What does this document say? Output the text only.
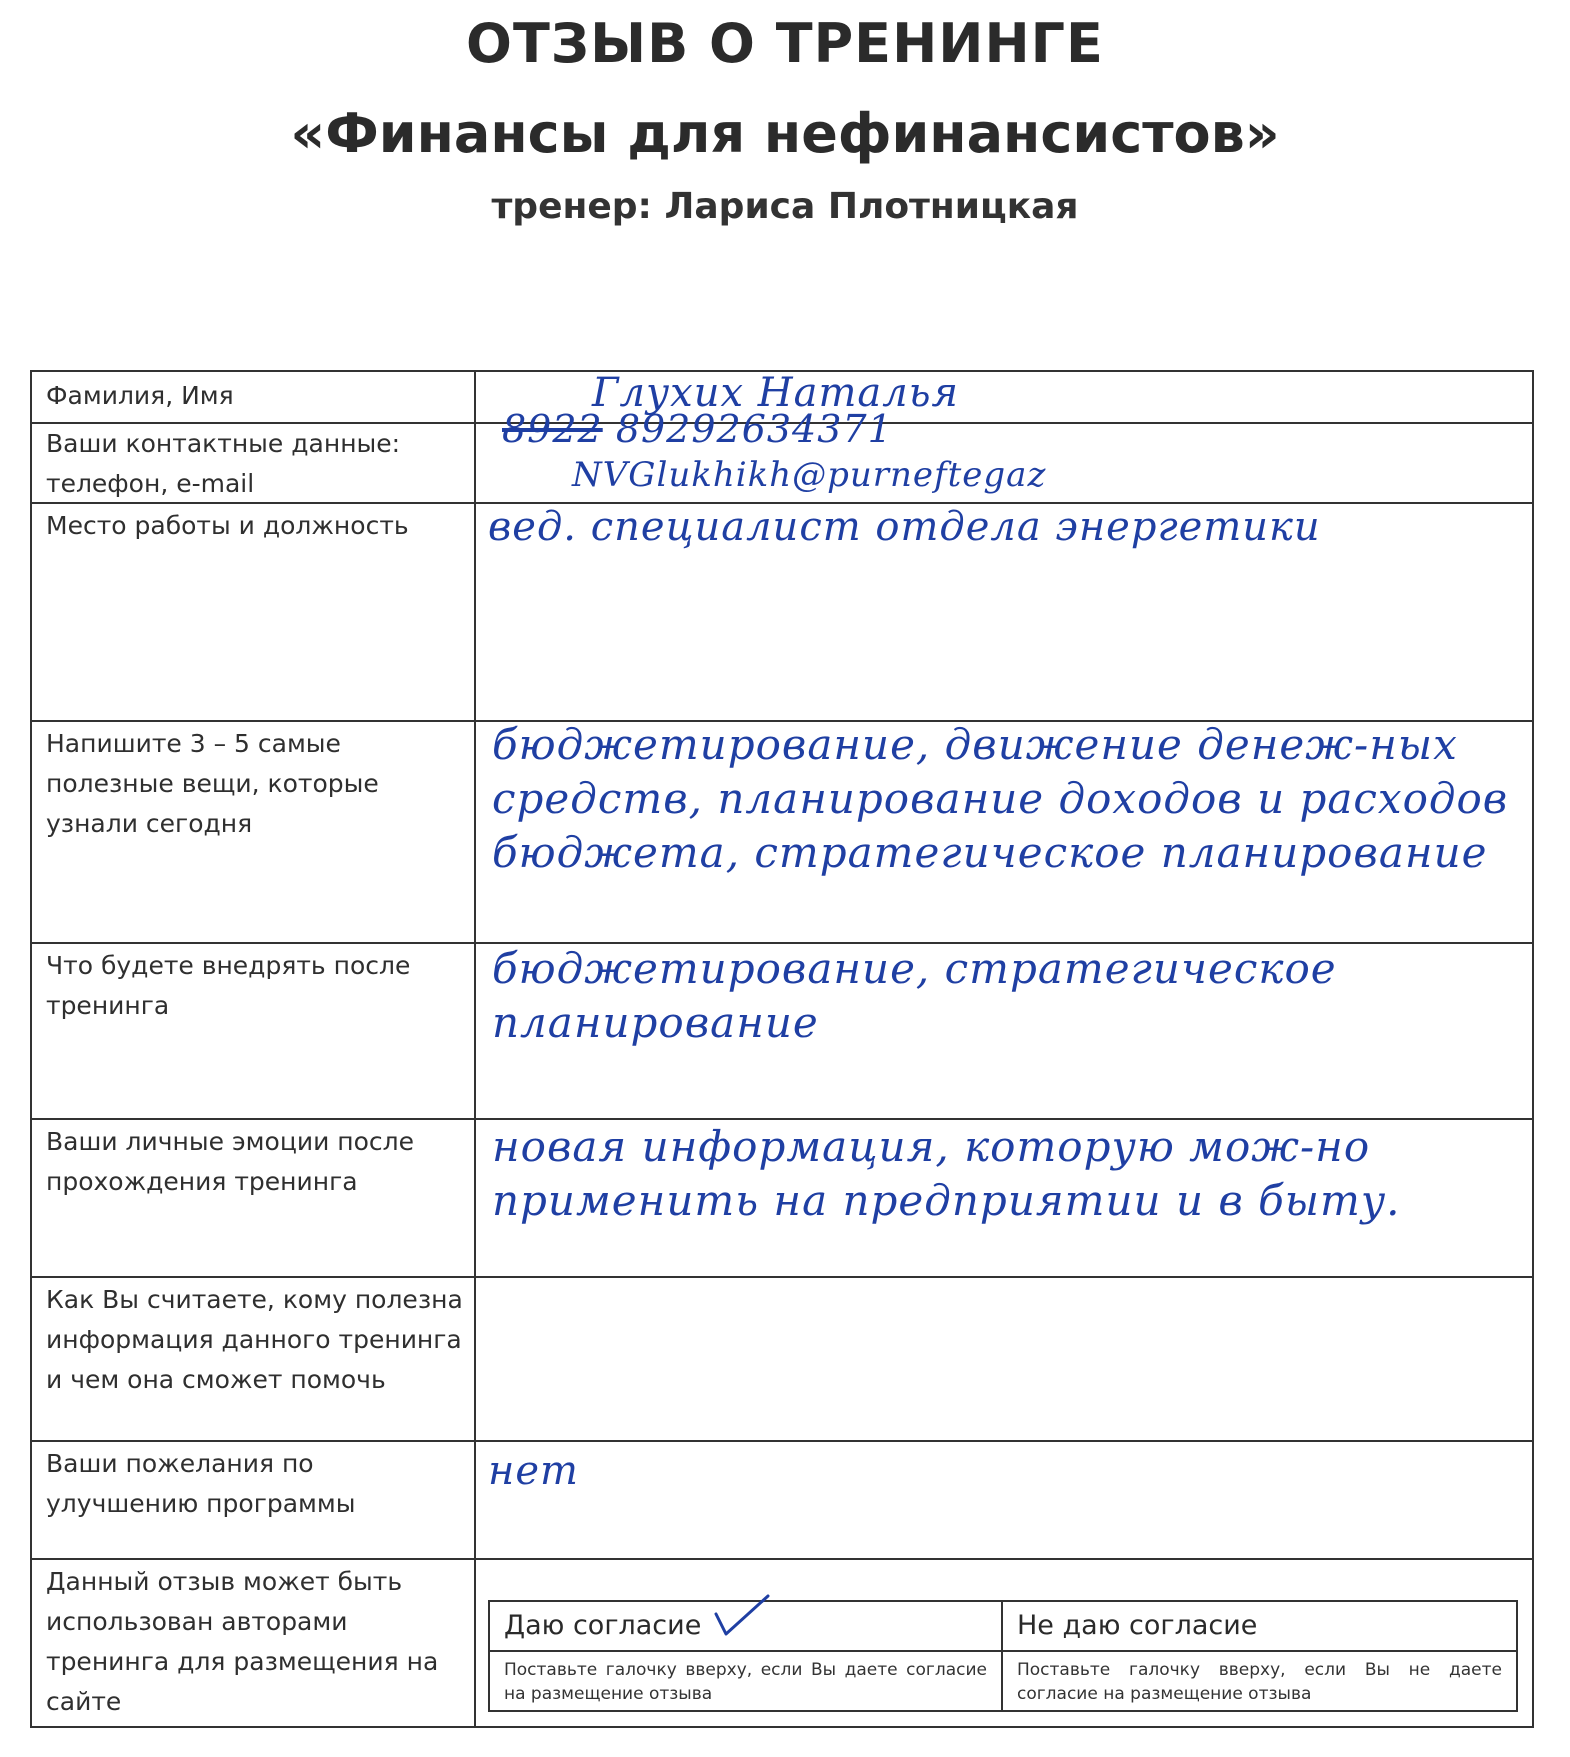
ОТЗЫВ О ТРЕНИНГЕ
«Финансы для нефинансистов»
тренер: Лариса Плотницкая
Фамилия, Имя	Глухих Наталья
Ваши контактные данные: телефон, e-mail
8922 89292634371
NVGlukhikh@purneftegaz
Место работы и должность	вед. специалист отдела энергетики
Напишите 3 – 5 самые полезные вещи, которые узнали сегодня
бюджетирование, движение денеж-ных средств, планирование доходов и расходов бюджета, стратегическое планирование
Что будете внедрять после тренинга
бюджетирование, стратегическое планирование
Ваши личные эмоции после прохождения тренинга
новая информация, которую мож-но применить на предприятии и в быту.
Как Вы считаете, кому полезна информация данного тренинга и чем она сможет помочь
Ваши пожелания по улучшению программы
нет
Данный отзыв может быть использован авторами тренинга для размещения на сайте
Даю согласие
Поставьте галочку вверху, если Вы даете согласие на размещение отзыва
Не даю согласие
Поставьте галочку вверху, если Вы не даете согласие на размещение отзыва
